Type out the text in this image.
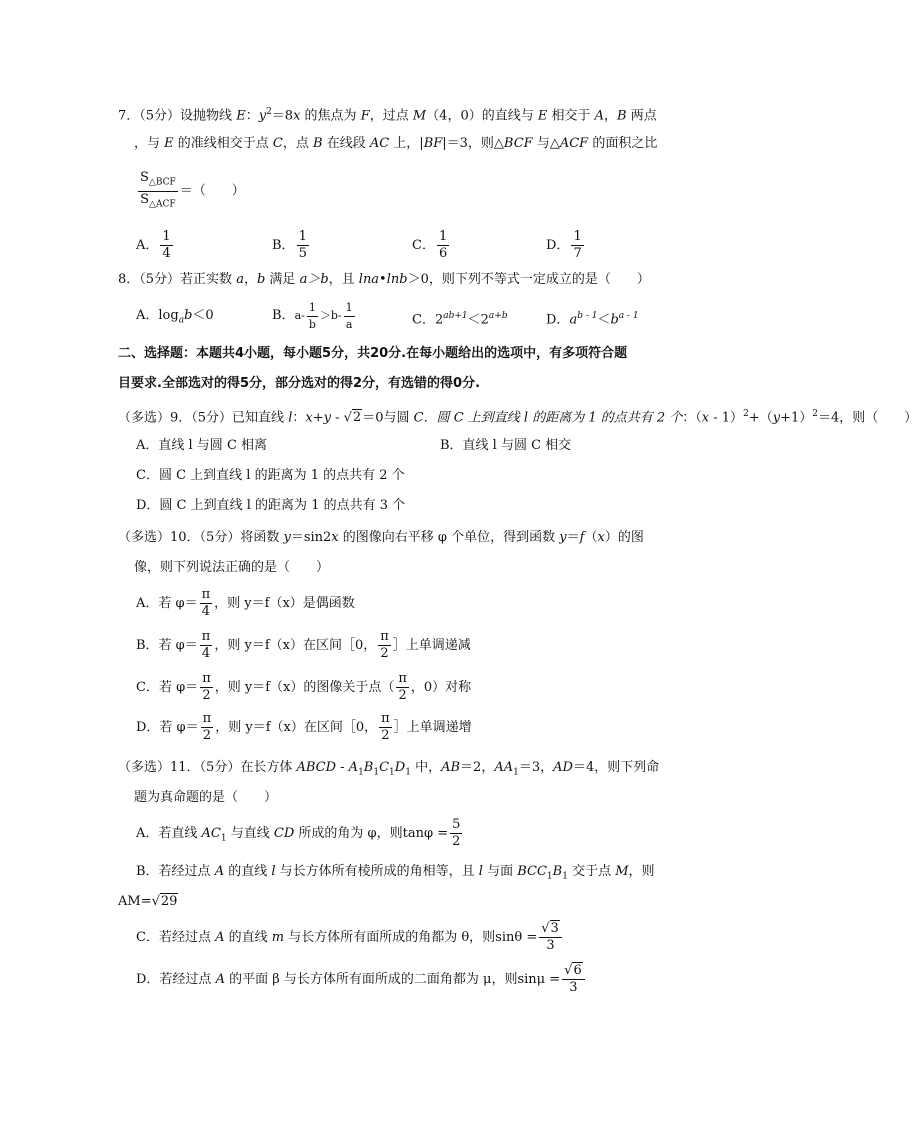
7．（5分）设抛物线 E：$y^2=8x$ 的焦点为 F，过点 M（4，0）的直线与 E 相交于 A，B 两点
，与 E 的准线相交于点 C，点 B 在线段 AC 上，|BF|＝3，则△BCF 与△ACF 的面积之比
$S_{\triangle BCF}$
$S_{\triangle ACF}$
＝（　　）
A． $\frac{1}{4}$	B． $\frac{1}{5}$	C． $\frac{1}{6}$	D． $\frac{1}{7}$
8．（5分）若正实数 a，b 满足 a＞b，且 lna•lnb＞0，则下列不等式一定成立的是（　　）
A．$\log_ab<0$	B．$a- \frac{1}{b} >b- \frac{1}{a}$	C．$2^{ab+1}<2^{a+b}$	D．$a^{b - 1}<b^{a - 1}$
二、选择题：本题共4小题，每小题5分，共20分.在每小题给出的选项中，有多项符合题
目要求.全部选对的得5分，部分选对的得2分，有选错的得0分.
（多选）9．（5分）已知直线 l：x+y - √2＝0与圆 C．圆 C 上到直线 l 的距离为 1 的点共有 2 个：$(x - 1)^2+(y+1)^2=4$，则（　　）
A．直线 l 与圆 C 相离	B．直线 l 与圆 C 相交
C．圆 C 上到直线 l 的距离为 1 的点共有 2 个
D．圆 C 上到直线 l 的距离为 1 的点共有 3 个
（多选）10．（5分）将函数 y＝sin2x 的图像向右平移 φ 个单位，得到函数 y＝f（x）的图
像，则下列说法正确的是（　　）
A．若 $\varphi= \frac{\pi}{4}$ ，则 y＝f（x）是偶函数
B．若 $\varphi= \frac{\pi}{4}$ ，则 y＝f（x）在区间［0， $\frac{\pi}{2}$ ］上单调递减
C．若 $\varphi= \frac{\pi}{2}$ ，则 y＝f（x）的图像关于点（ $\frac{\pi}{2}$ ，0）对称
D．若 $\varphi= \frac{\pi}{2}$ ，则 y＝f（x）在区间［0， $\frac{\pi}{2}$ ］上单调递增
（多选）11．（5分）在长方体 ABCD - $A_1B_1C_1D_1$ 中，AB＝2，$AA_1=3$，AD＝4，则下列命
题为真命题的是（　　）
A．若直线 $AC_1$ 与直线 CD 所成的角为 φ，则$\tan\varphi = \frac{5}{2}$
B．若经过点 A 的直线 l 与长方体所有棱所成的角相等，且 l 与面 $BCC_1B_1$ 交于点 M，则
AM=√29
C．若经过点 A 的直线 m 与长方体所有面所成的角都为 θ，则$\sin\theta = \frac{√3}{3}$
D．若经过点 A 的平面 β 与长方体所有面所成的二面角都为 μ，则$\sin\mu = \frac{√6}{3}$
